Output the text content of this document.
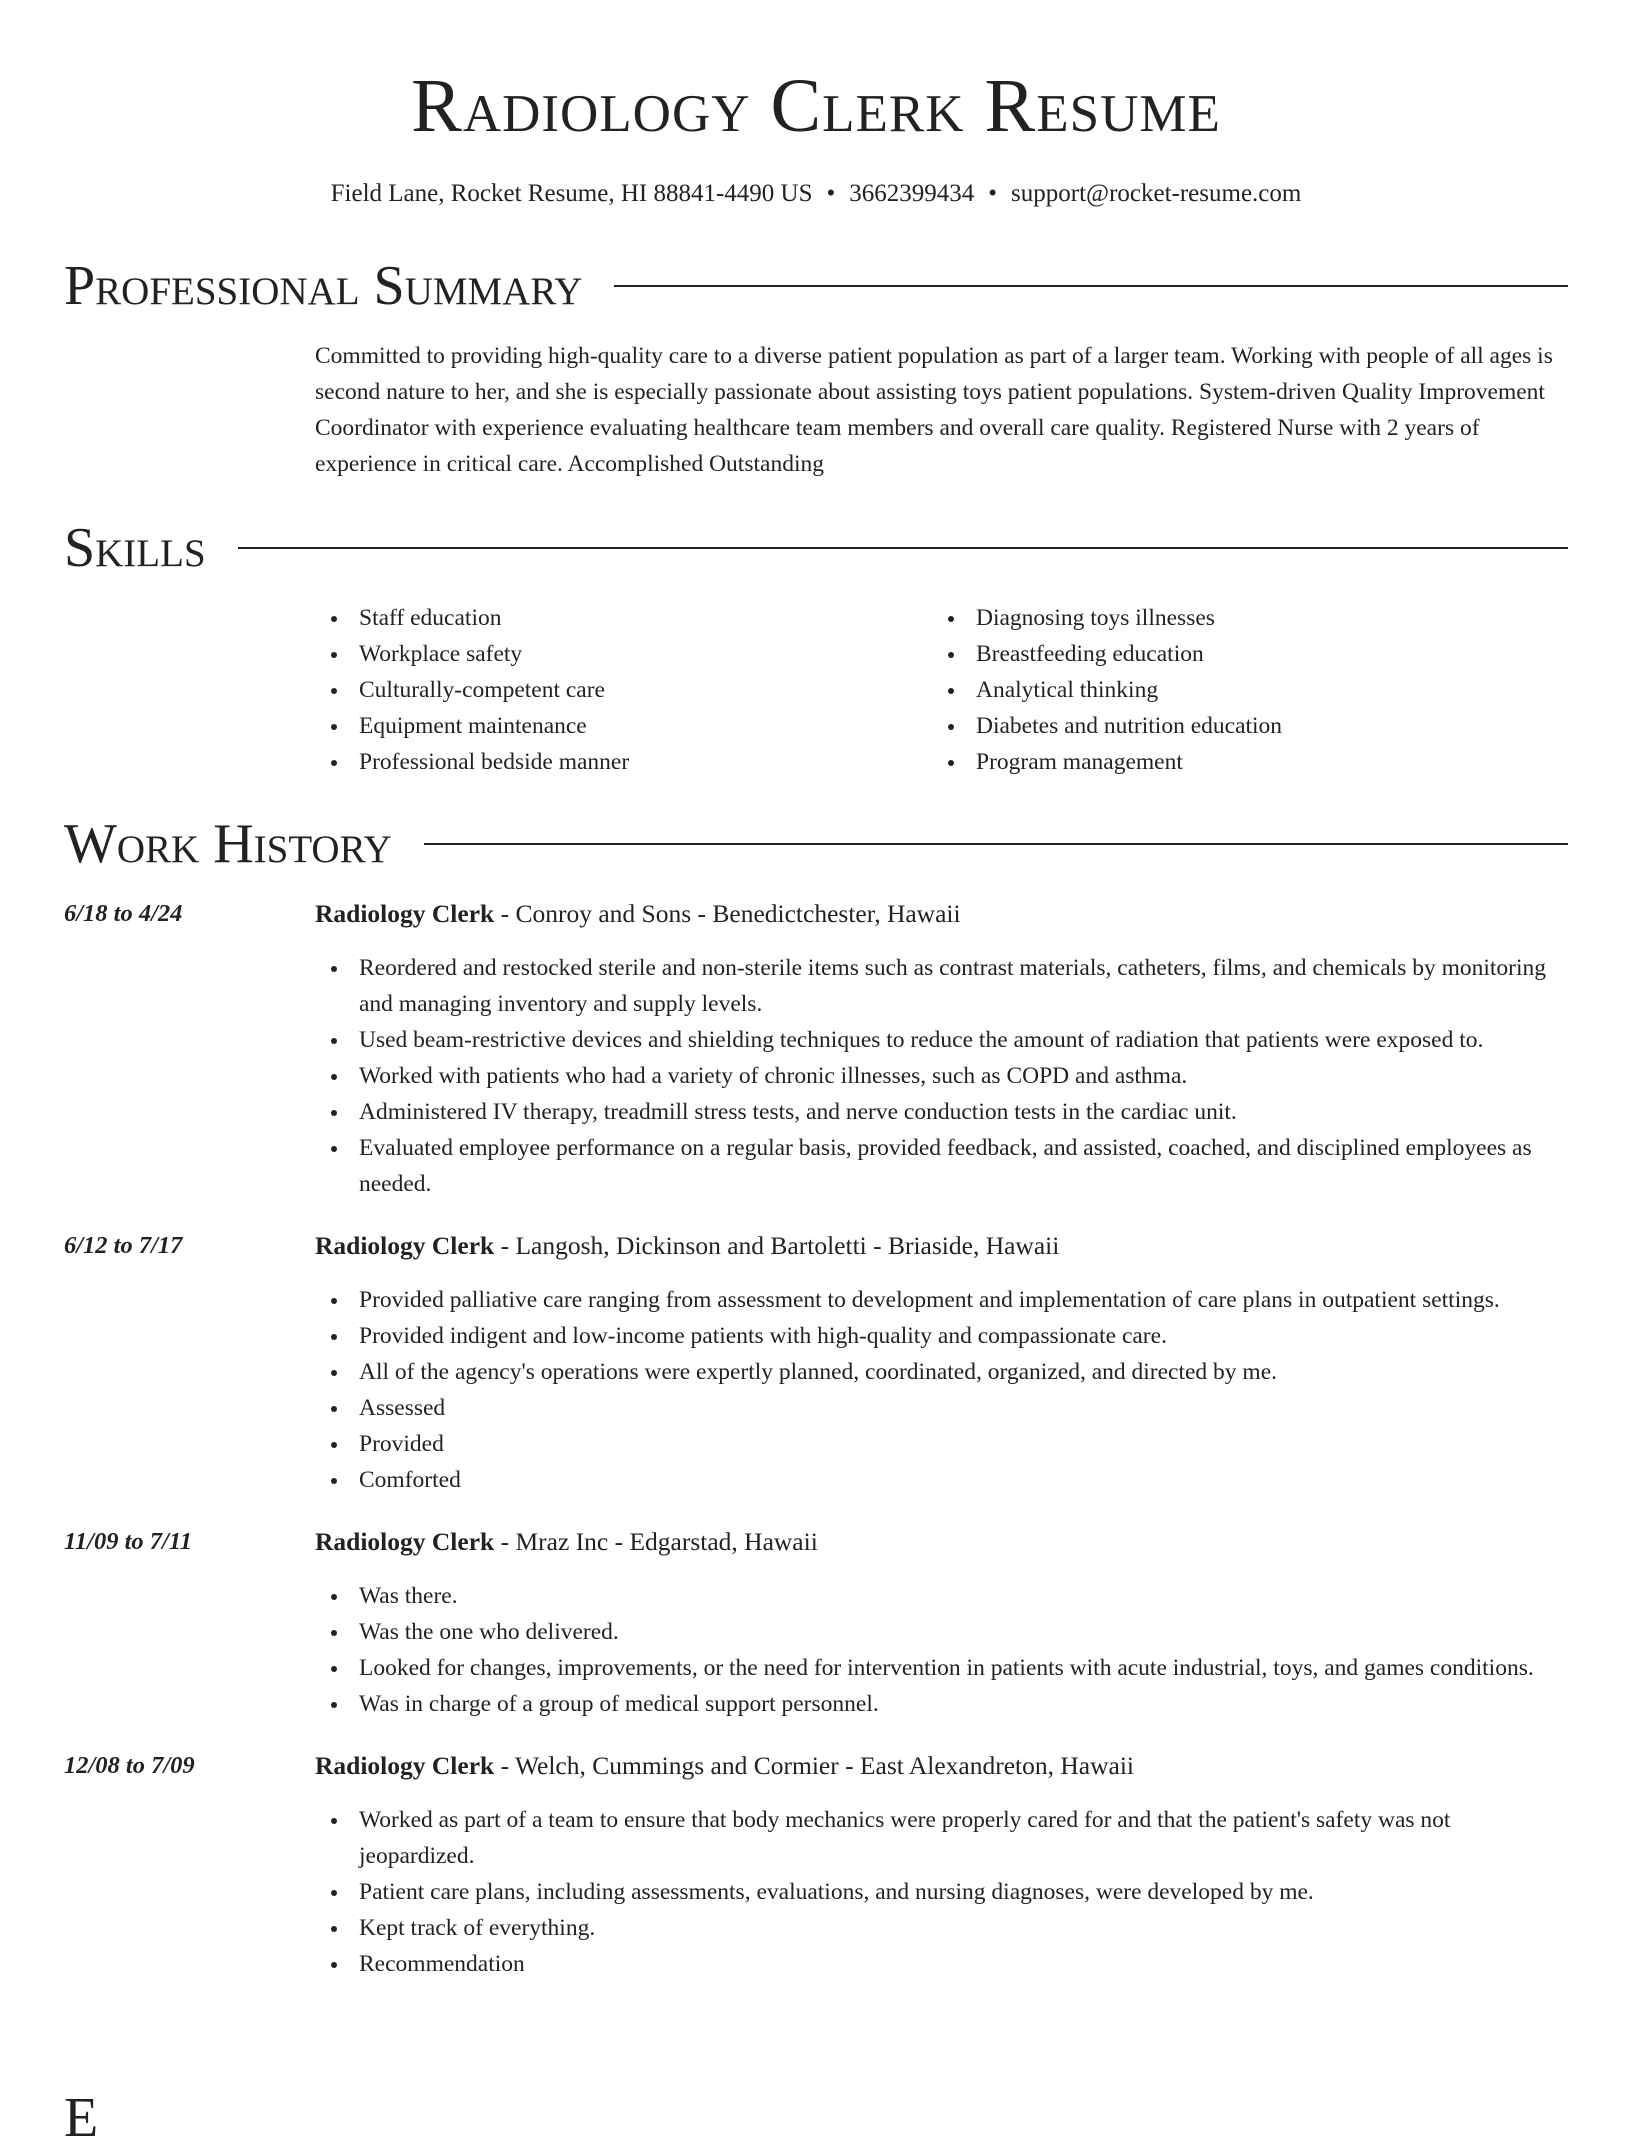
Radiology Clerk Resume
Field Lane, Rocket Resume, HI 88841-4490 US • 3662399434 • support@rocket-resume.com
Professional Summary
Committed to providing high-quality care to a diverse patient population as part of a larger team. Working with people of all ages is second nature to her, and she is especially passionate about assisting toys patient populations. System-driven Quality Improvement Coordinator with experience evaluating healthcare team members and overall care quality. Registered Nurse with 2 years of experience in critical care. Accomplished Outstanding
Skills
Staff education
Workplace safety
Culturally-competent care
Equipment maintenance
Professional bedside manner
Diagnosing toys illnesses
Breastfeeding education
Analytical thinking
Diabetes and nutrition education
Program management
Work History
6/18 to 4/24	Radiology Clerk - Conroy and Sons - Benedictchester, Hawaii
Reordered and restocked sterile and non-sterile items such as contrast materials, catheters, films, and chemicals by monitoring and managing inventory and supply levels.
Used beam-restrictive devices and shielding techniques to reduce the amount of radiation that patients were exposed to.
Worked with patients who had a variety of chronic illnesses, such as COPD and asthma.
Administered IV therapy, treadmill stress tests, and nerve conduction tests in the cardiac unit.
Evaluated employee performance on a regular basis, provided feedback, and assisted, coached, and disciplined employees as needed.
6/12 to 7/17	Radiology Clerk - Langosh, Dickinson and Bartoletti - Briaside, Hawaii
Provided palliative care ranging from assessment to development and implementation of care plans in outpatient settings.
Provided indigent and low-income patients with high-quality and compassionate care.
All of the agency's operations were expertly planned, coordinated, organized, and directed by me.
Assessed
Provided
Comforted
11/09 to 7/11	Radiology Clerk - Mraz Inc - Edgarstad, Hawaii
Was there.
Was the one who delivered.
Looked for changes, improvements, or the need for intervention in patients with acute industrial, toys, and games conditions.
Was in charge of a group of medical support personnel.
12/08 to 7/09	Radiology Clerk - Welch, Cummings and Cormier - East Alexandreton, Hawaii
Worked as part of a team to ensure that body mechanics were properly cared for and that the patient's safety was not jeopardized.
Patient care plans, including assessments, evaluations, and nursing diagnoses, were developed by me.
Kept track of everything.
Recommendation
E
